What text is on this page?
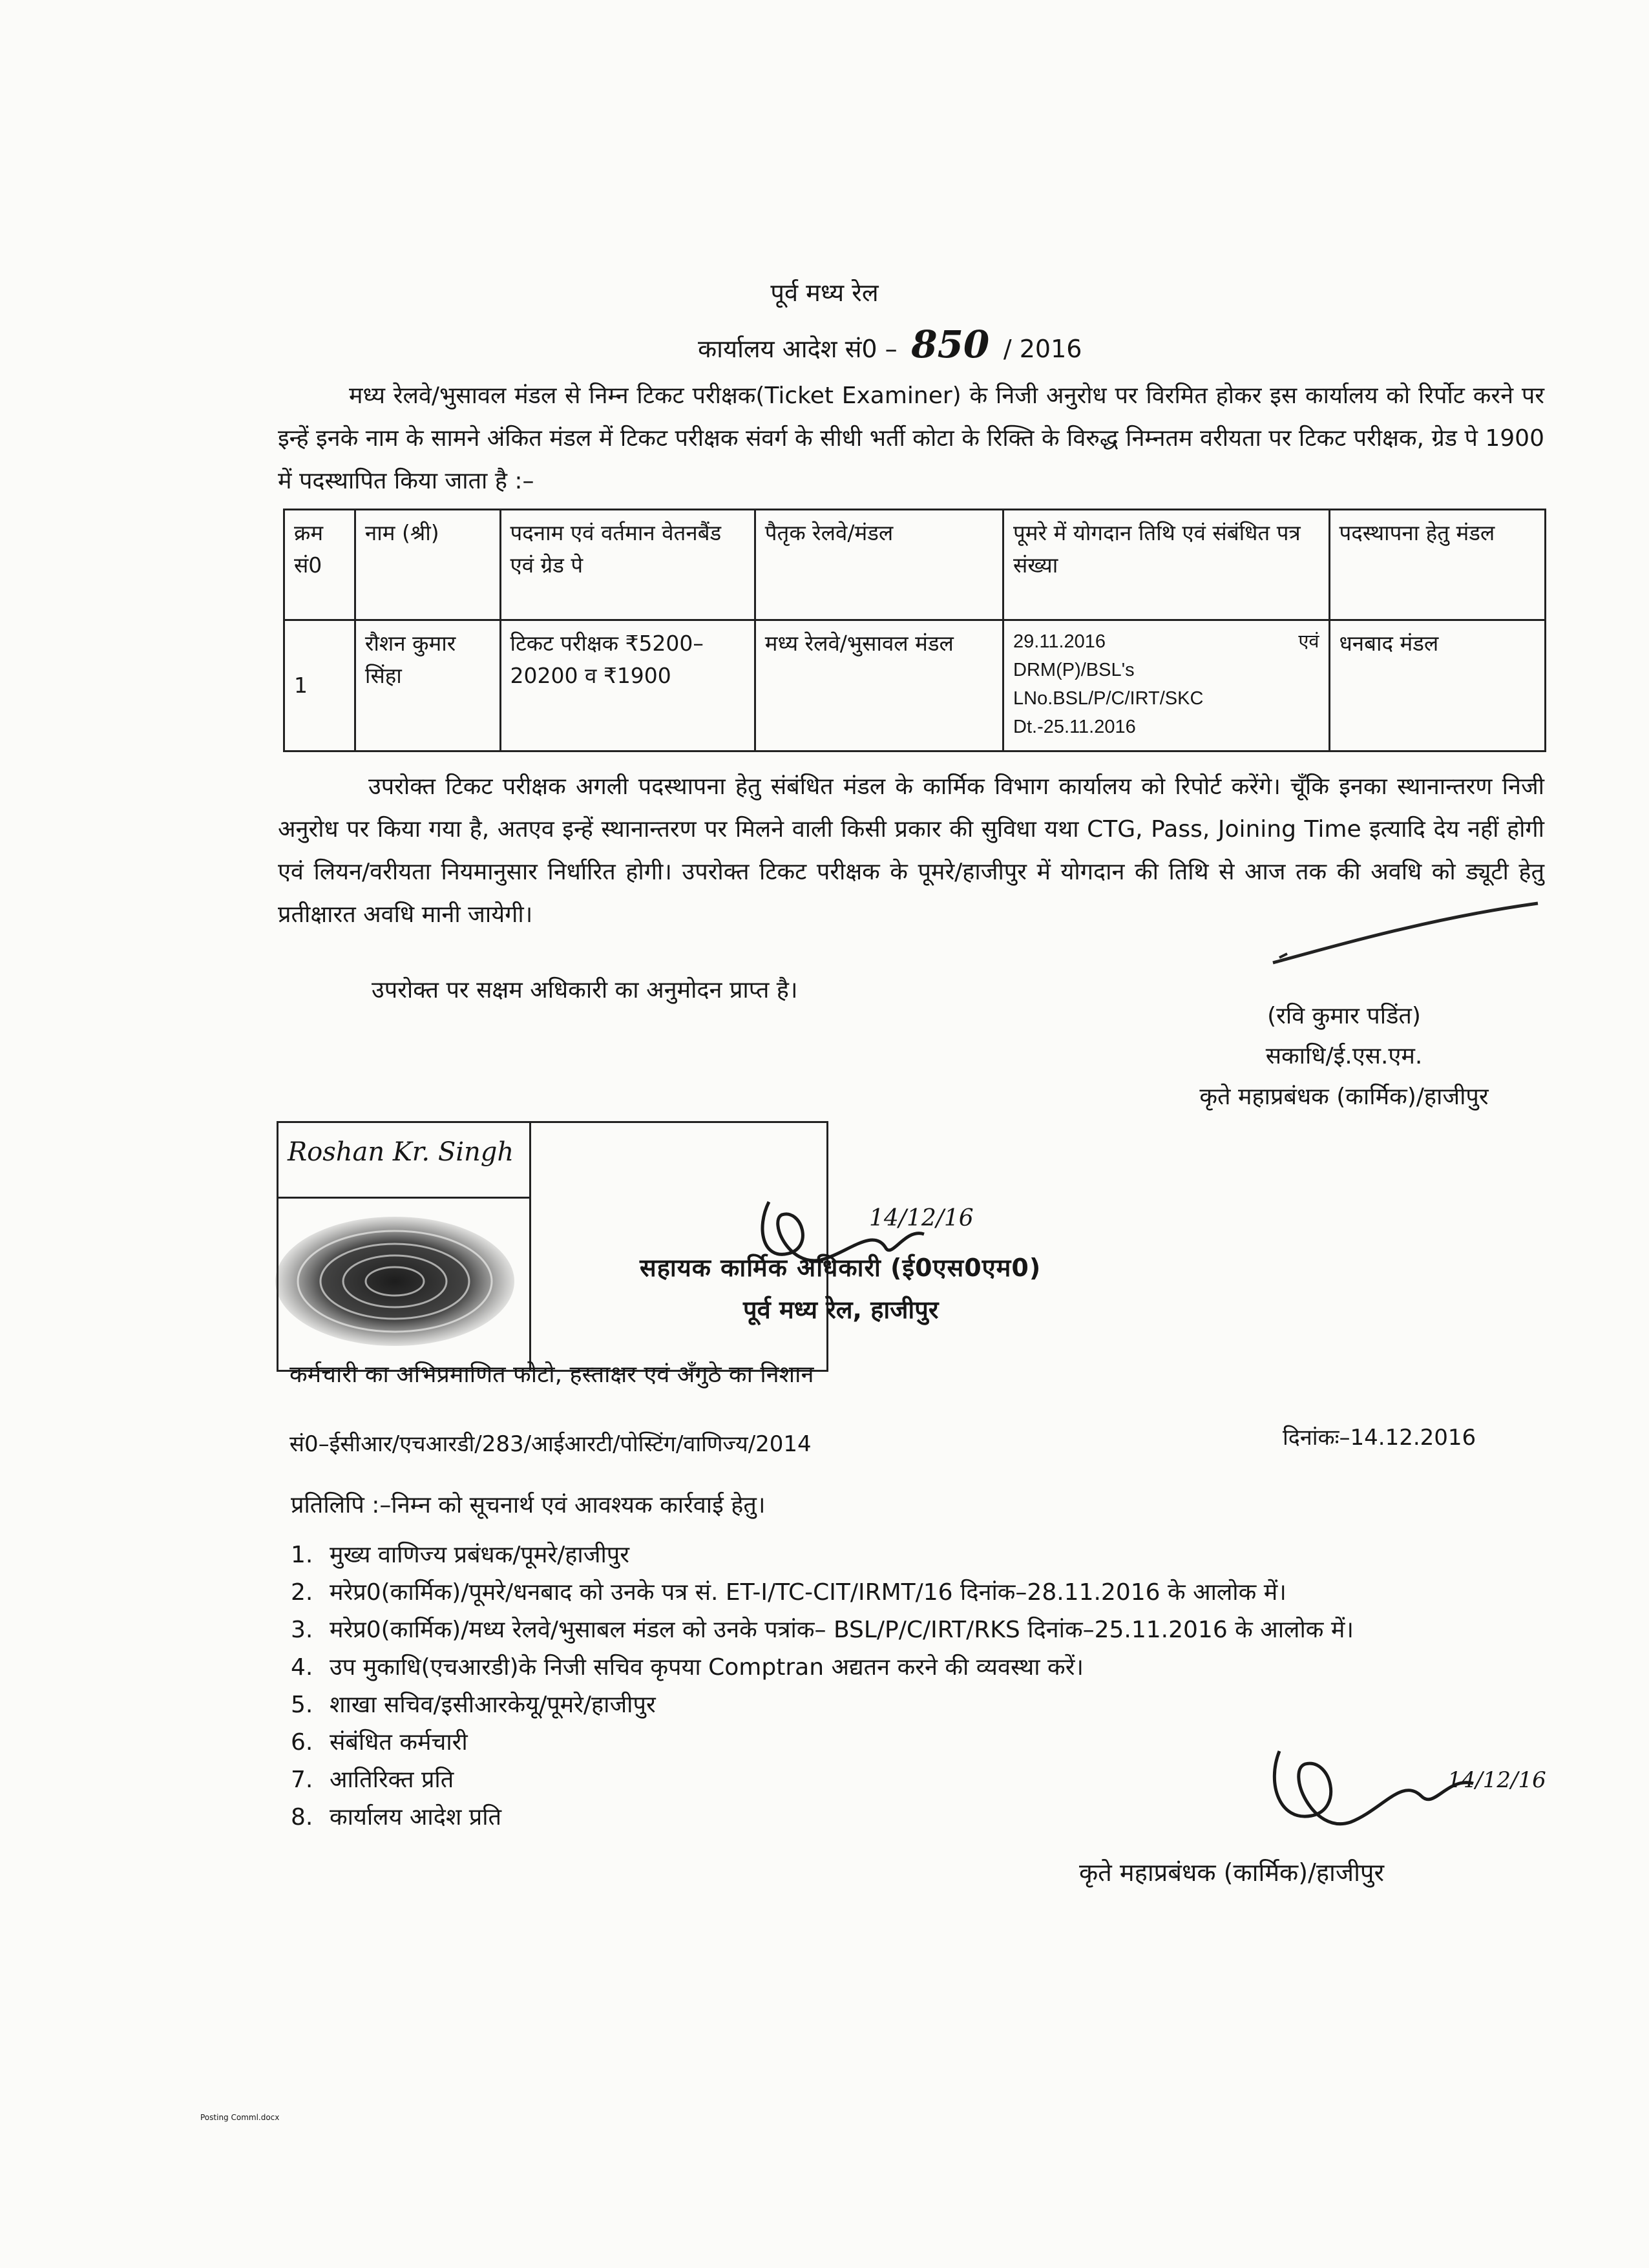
पूर्व मध्य रेल
कार्यालय आदेश सं0 – 850 / 2016
मध्य रेलवे/भुसावल मंडल से निम्न टिकट परीक्षक(Ticket Examiner) के निजी अनुरोध पर विरमित होकर इस कार्यालय को रिर्पोट करने पर इन्हें इनके नाम के सामने अंकित मंडल में टिकट परीक्षक संवर्ग के सीधी भर्ती कोटा के रिक्ति के विरुद्ध निम्नतम वरीयता पर टिकट परीक्षक, ग्रेड पे 1900 में पदस्थापित किया जाता है :–
क्रम सं0	नाम (श्री)	पदनाम एवं वर्तमान वेतनबैंड एवं ग्रेड पे	पैतृक रेलवे/मंडल	पूमरे में योगदान तिथि एवं संबंधित पत्र संख्या	पदस्थापना हेतु मंडल
1	रौशन कुमार सिंहा	टिकट परीक्षक ₹5200–20200 व ₹1900	मध्य रेलवे/भुसावल मंडल	29.11.2016 एवं
DRM(P)/BSL's
LNo.BSL/P/C/IRT/SKC
Dt.-25.11.2016	धनबाद मंडल
उपरोक्त टिकट परीक्षक अगली पदस्थापना हेतु संबंधित मंडल के कार्मिक विभाग कार्यालय को रिपोर्ट करेंगे। चूँकि इनका स्थानान्तरण निजी अनुरोध पर किया गया है, अतएव इन्हें स्थानान्तरण पर मिलने वाली किसी प्रकार की सुविधा यथा CTG, Pass, Joining Time इत्यादि देय नहीं होगी एवं लियन/वरीयता नियमानुसार निर्धारित होगी। उपरोक्त टिकट परीक्षक के पूमरे/हाजीपुर में योगदान की तिथि से आज तक की अवधि को ड्यूटी हेतु प्रतीक्षारत अवधि मानी जायेगी।
उपरोक्त पर सक्षम अधिकारी का अनुमोदन प्राप्त है।
(रवि कुमार पडिंत)
सकाधि/ई.एस.एम.
कृते महाप्रबंधक (कार्मिक)/हाजीपुर
Roshan Kr. Singh
14/12/16
सहायक कार्मिक अधिकारी (ई0एस0एम0)
पूर्व मध्य रेल, हाजीपुर
कर्मचारी का अभिप्रमाणित फोटो, हस्ताक्षर एवं अँगुठे का निशान
सं0–ईसीआर/एचआरडी/283/आईआरटी/पोस्टिंग/वाणिज्य/2014	दिनांकः–14.12.2016
प्रतिलिपि :–निम्न को सूचनार्थ एवं आवश्यक कार्रवाई हेतु।
1. मुख्य वाणिज्य प्रबंधक/पूमरे/हाजीपुर
2. मरेप्र0(कार्मिक)/पूमरे/धनबाद को उनके पत्र सं. ET-I/TC-CIT/IRMT/16 दिनांक–28.11.2016 के आलोक में।
3. मरेप्र0(कार्मिक)/मध्य रेलवे/भुसाबल मंडल को उनके पत्रांक– BSL/P/C/IRT/RKS दिनांक–25.11.2016 के आलोक में।
4. उप मुकाधि(एचआरडी)के निजी सचिव कृपया Comptran अद्यतन करने की व्यवस्था करें।
5. शाखा सचिव/इसीआरकेयू/पूमरे/हाजीपुर
6. संबंधित कर्मचारी
7. आतिरिक्त प्रति
8. कार्यालय आदेश प्रति
14/12/16
कृते महाप्रबंधक (कार्मिक)/हाजीपुर
Posting Comml.docx
